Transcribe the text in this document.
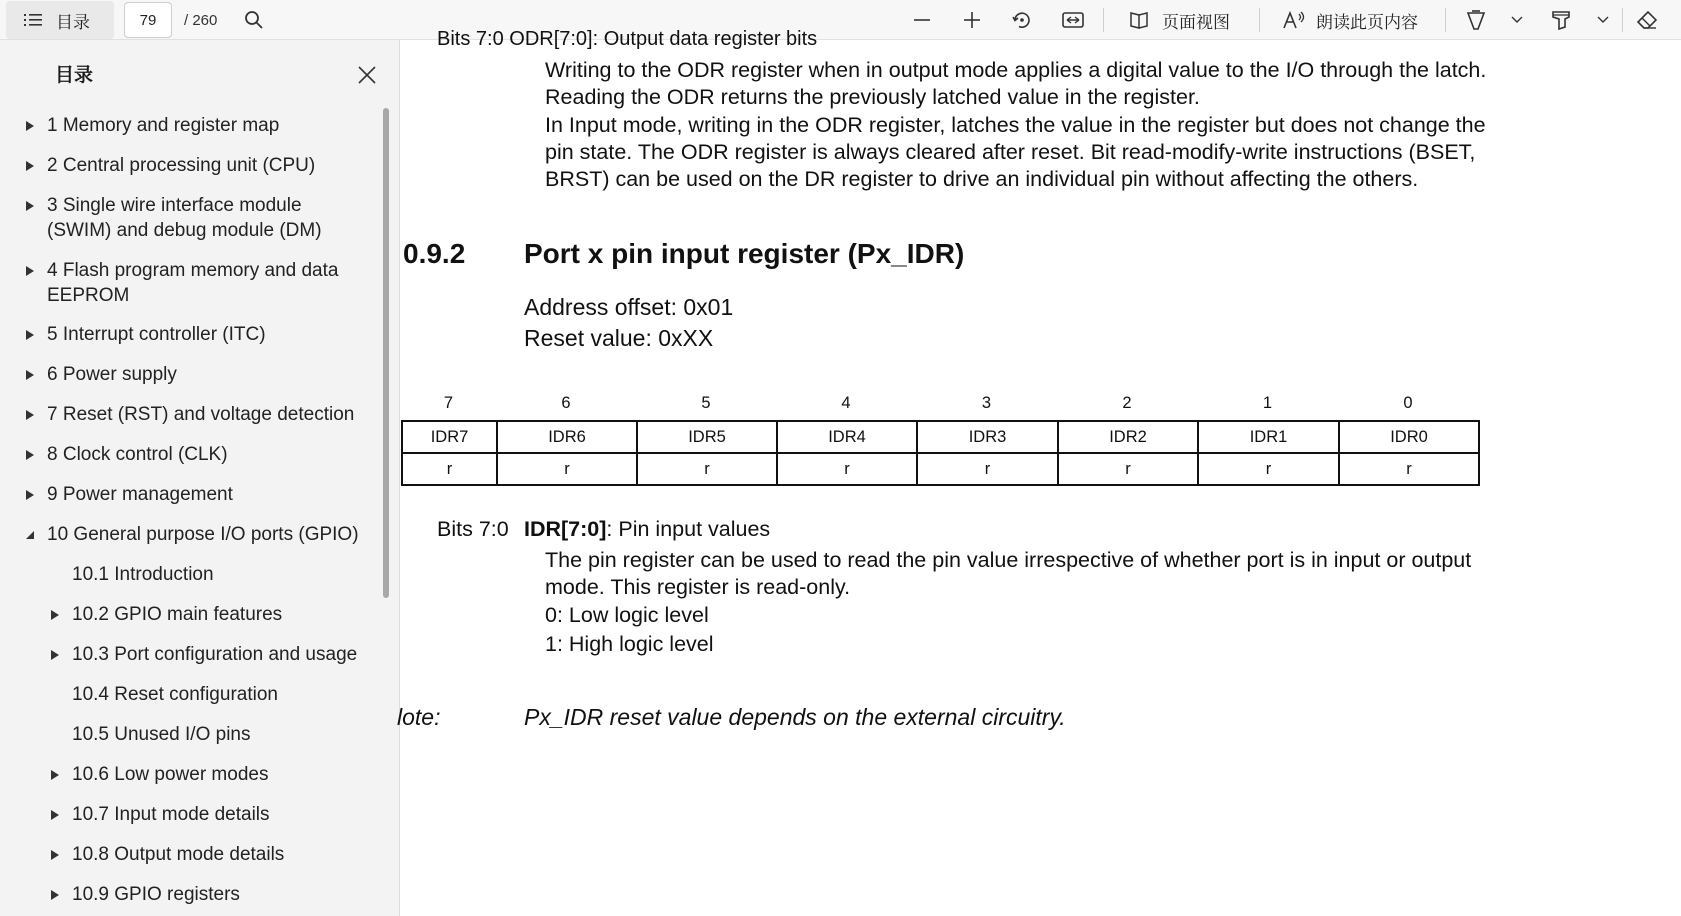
目录
79	/ 260	页面视图	朗读此页内容
目录
1 Memory and register map
2 Central processing unit (CPU)
3 Single wire interface module
(SWIM) and debug module (DM)
4 Flash program memory and data
EEPROM
5 Interrupt controller (ITC)
6 Power supply
7 Reset (RST) and voltage detection
8 Clock control (CLK)
9 Power management
10 General purpose I/O ports (GPIO)
10.1 Introduction
10.2 GPIO main features
10.3 Port configuration and usage
10.4 Reset configuration
10.5 Unused I/O pins
10.6 Low power modes
10.7 Input mode details
10.8 Output mode details
10.9 GPIO registers
Bits 7:0 ODR[7:0]: Output data register bits
Writing to the ODR register when in output mode applies a digital value to the I/O through the latch.
Reading the ODR returns the previously latched value in the register.
In Input mode, writing in the ODR register, latches the value in the register but does not change the
pin state. The ODR register is always cleared after reset. Bit read-modify-write instructions (BSET,
BRST) can be used on the DR register to drive an individual pin without affecting the others.
0.9.2 Port x pin input register (Px_IDR)
Address offset: 0x01
Reset value: 0xXX
7	6	5	4	3	2	1	0
IDR7	IDR6	IDR5	IDR4	IDR3	IDR2	IDR1	IDR0
r	r	r	r	r	r	r	r
Bits 7:0 IDR[7:0]: Pin input values
The pin register can be used to read the pin value irrespective of whether port is in input or output
mode. This register is read-only.
0: Low logic level
1: High logic level
lote:	Px_IDR reset value depends on the external circuitry.
